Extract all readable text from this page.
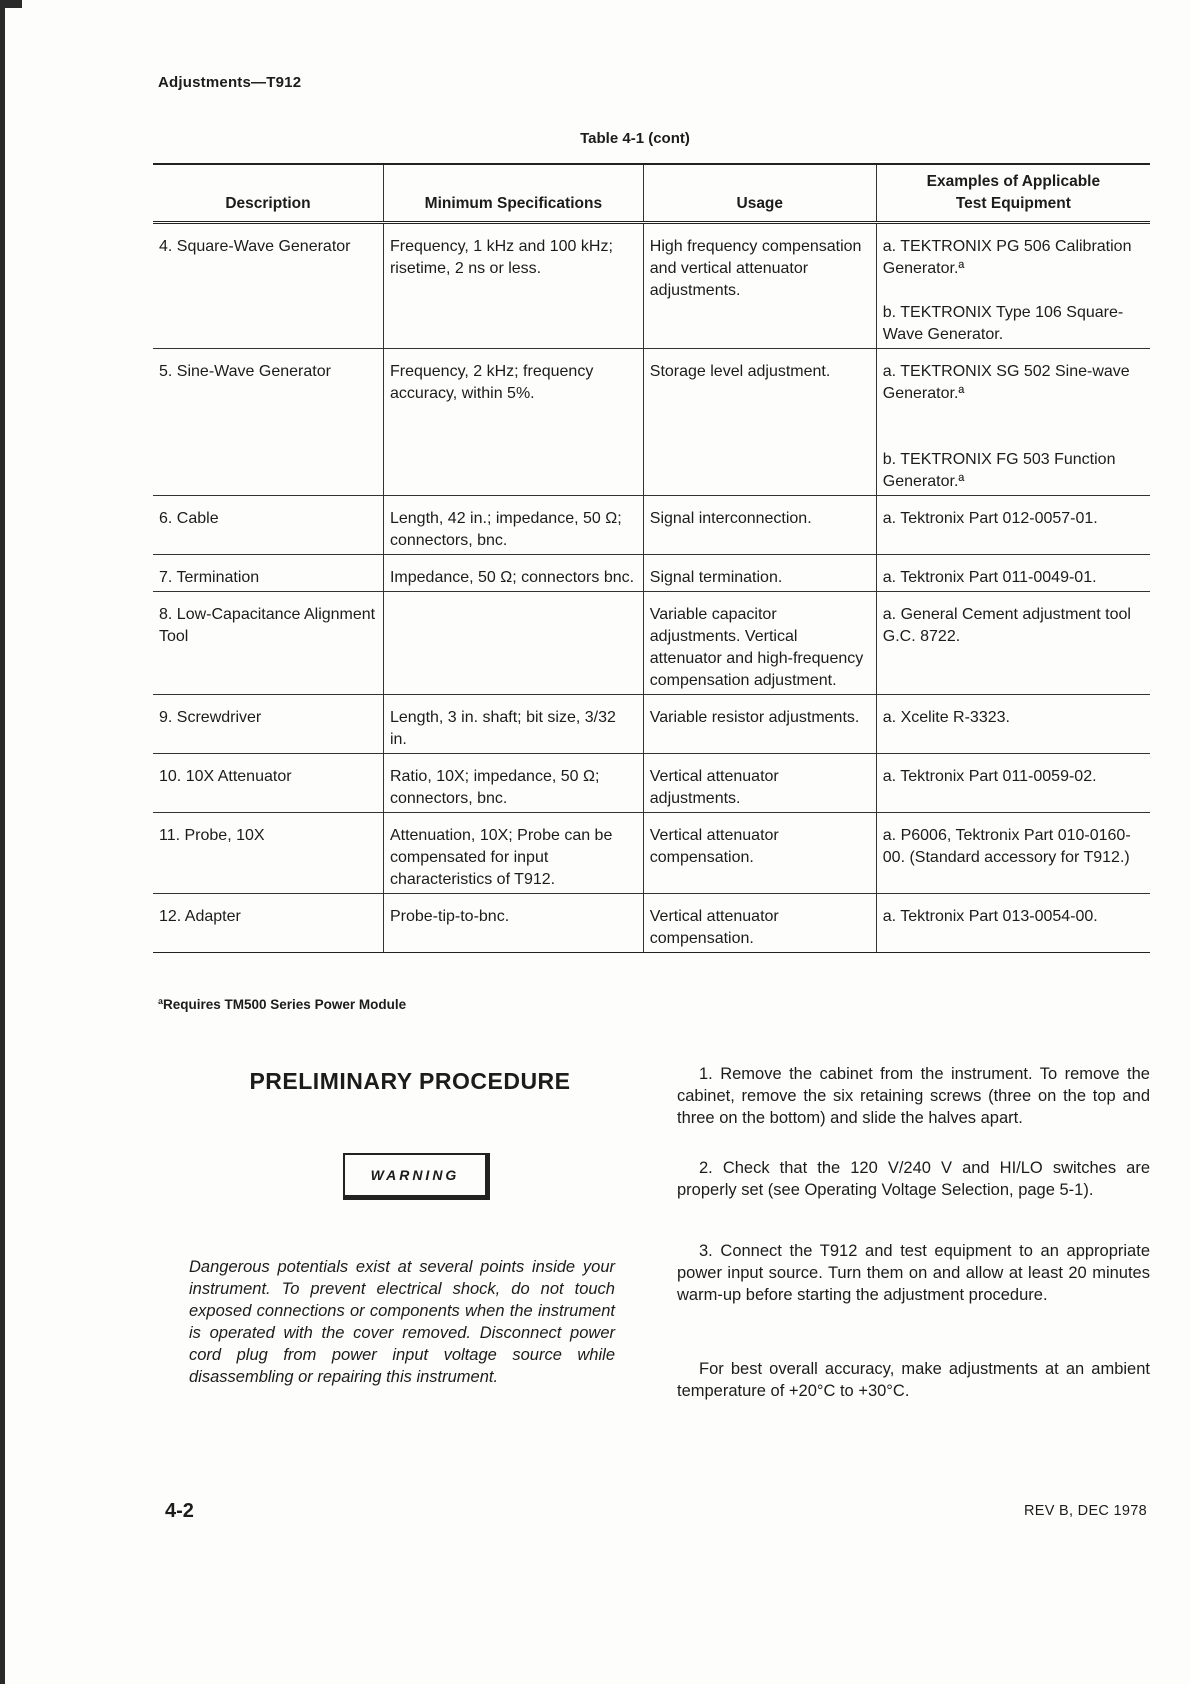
Adjustments—T912
Table 4-1 (cont)
Description	Minimum Specifications	Usage	Examples of Applicable
Test Equipment
4. Square-Wave Generator	Frequency, 1 kHz and 100 kHz; risetime, 2 ns or less.	High frequency compensation and vertical attenuator adjustments.	a. TEKTRONIX PG 506 Calibration Generator.ª
b. TEKTRONIX Type 106 Square-Wave Generator.

5. Sine-Wave Generator	Frequency, 2 kHz; frequency accuracy, within 5%.	Storage level adjustment.	a. TEKTRONIX SG 502 Sine-wave Generator.ª
b. TEKTRONIX FG 503 Function Generator.ª

6. Cable	Length, 42 in.; impedance, 50 Ω; connectors, bnc.	Signal interconnection.	a. Tektronix Part 012-0057-01.

7. Termination	Impedance, 50 Ω; connectors bnc.	Signal termination.	a. Tektronix Part 011-0049-01.

8. Low-Capacitance Alignment Tool		Variable capacitor adjustments. Vertical attenuator and high-frequency compensation adjustment.	a. General Cement adjustment tool G.C. 8722.

9. Screwdriver	Length, 3 in. shaft; bit size, 3/32 in.	Variable resistor adjustments.	a. Xcelite R-3323.

10. 10X Attenuator	Ratio, 10X; impedance, 50 Ω; connectors, bnc.	Vertical attenuator adjustments.	a. Tektronix Part 011-0059-02.

11. Probe, 10X	Attenuation, 10X; Probe can be compensated for input characteristics of T912.	Vertical attenuator compensation.	a. P6006, Tektronix Part 010-0160-00. (Standard accessory for T912.)

12. Adapter	Probe-tip-to-bnc.	Vertical attenuator compensation.	a. Tektronix Part 013-0054-00.
ªRequires TM500 Series Power Module
PRELIMINARY PROCEDURE
WARNING
Dangerous potentials exist at several points inside your instrument. To prevent electrical shock, do not touch exposed connections or components when the instrument is operated with the cover removed. Disconnect power cord plug from power input voltage source while disassembling or repairing this instrument.
1. Remove the cabinet from the instrument. To remove the cabinet, remove the six retaining screws (three on the top and three on the bottom) and slide the halves apart.
2. Check that the 120 V/240 V and HI/LO switches are properly set (see Operating Voltage Selection, page 5-1).
3. Connect the T912 and test equipment to an appropriate power input source. Turn them on and allow at least 20 minutes warm-up before starting the adjustment procedure.
For best overall accuracy, make adjustments at an ambient temperature of +20°C to +30°C.
4-2	REV B, DEC 1978
